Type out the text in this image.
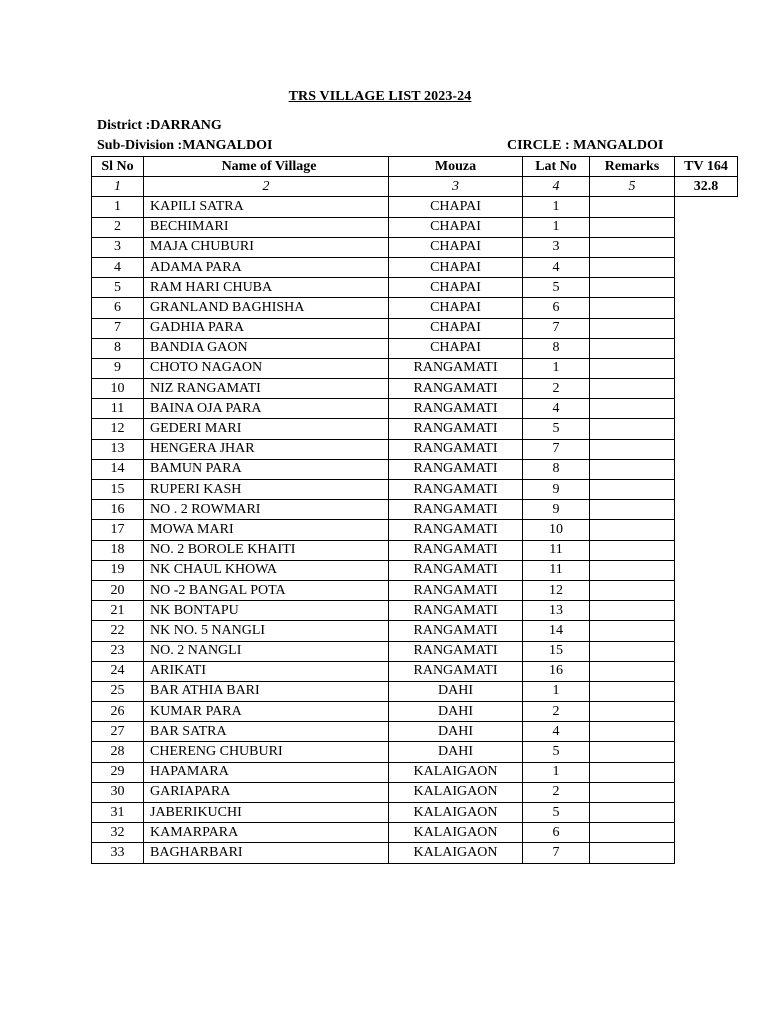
TRS VILLAGE LIST 2023-24
District :DARRANG
Sub-Division :MANGALDOI	CIRCLE : MANGALDOI
Sl No	Name of Village	Mouza	Lat No	Remarks	TV 164
1	2	3	4	5	32.8
1	KAPILI SATRA	CHAPAI	1		
2	BECHIMARI	CHAPAI	1		
3	MAJA CHUBURI	CHAPAI	3		
4	ADAMA PARA	CHAPAI	4		
5	RAM HARI CHUBA	CHAPAI	5		
6	GRANLAND BAGHISHA	CHAPAI	6		
7	GADHIA PARA	CHAPAI	7		
8	BANDIA GAON	CHAPAI	8		
9	CHOTO NAGAON	RANGAMATI	1		
10	NIZ RANGAMATI	RANGAMATI	2		
11	BAINA OJA PARA	RANGAMATI	4		
12	GEDERI MARI	RANGAMATI	5		
13	HENGERA JHAR	RANGAMATI	7		
14	BAMUN PARA	RANGAMATI	8		
15	RUPERI KASH	RANGAMATI	9		
16	NO . 2 ROWMARI	RANGAMATI	9		
17	MOWA MARI	RANGAMATI	10		
18	NO. 2 BOROLE KHAITI	RANGAMATI	11		
19	NK CHAUL KHOWA	RANGAMATI	11		
20	NO -2 BANGAL POTA	RANGAMATI	12		
21	NK BONTAPU	RANGAMATI	13		
22	NK NO. 5 NANGLI	RANGAMATI	14		
23	NO. 2 NANGLI	RANGAMATI	15		
24	ARIKATI	RANGAMATI	16		
25	BAR ATHIA BARI	DAHI	1		
26	KUMAR PARA	DAHI	2		
27	BAR SATRA	DAHI	4		
28	CHERENG CHUBURI	DAHI	5		
29	HAPAMARA	KALAIGAON	1		
30	GARIAPARA	KALAIGAON	2		
31	JABERIKUCHI	KALAIGAON	5		
32	KAMARPARA	KALAIGAON	6		
33	BAGHARBARI	KALAIGAON	7		
